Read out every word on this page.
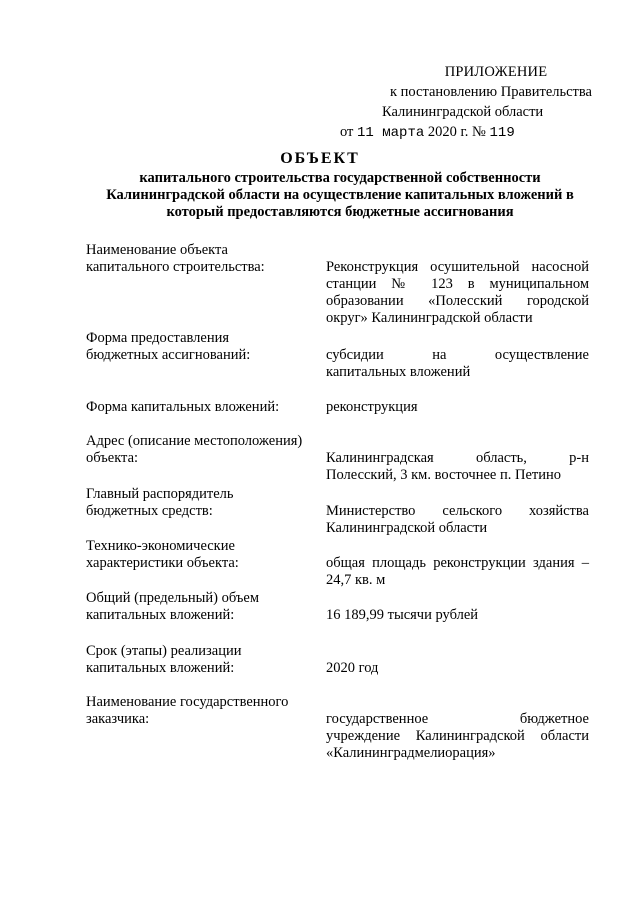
ПРИЛОЖЕНИЕ
к постановлению Правительства
Калининградской области
от 11 марта 2020 г. № 119
ОБЪЕКТ
капитального строительства государственной собственности Калининградской области на осуществление капитальных вложений в который предоставляются бюджетные ассигнования
Наименование объекта
капитального строительства:	Реконструкция осушительной насосной
станции № 123 в муниципальном
образовании «Полесский городской
округ» Калининградской области
Форма предоставления
бюджетных ассигнований:	субсидии на осуществление
капитальных вложений
Форма капитальных вложений:	реконструкция
Адрес (описание местоположения)
объекта:	Калининградская область, р-н
Полесский, 3 км. восточнее п. Петино
Главный распорядитель
бюджетных средств:	Министерство сельского хозяйства
Калининградской области
Технико-экономические
характеристики объекта:	общая площадь реконструкции здания –
24,7 кв. м
Общий (предельный) объем
капитальных вложений:	16 189,99 тысячи рублей
Срок (этапы) реализации
капитальных вложений:	2020 год
Наименование государственного
заказчика:	государственное бюджетное
учреждение Калининградской области
«Калининградмелиорация»
